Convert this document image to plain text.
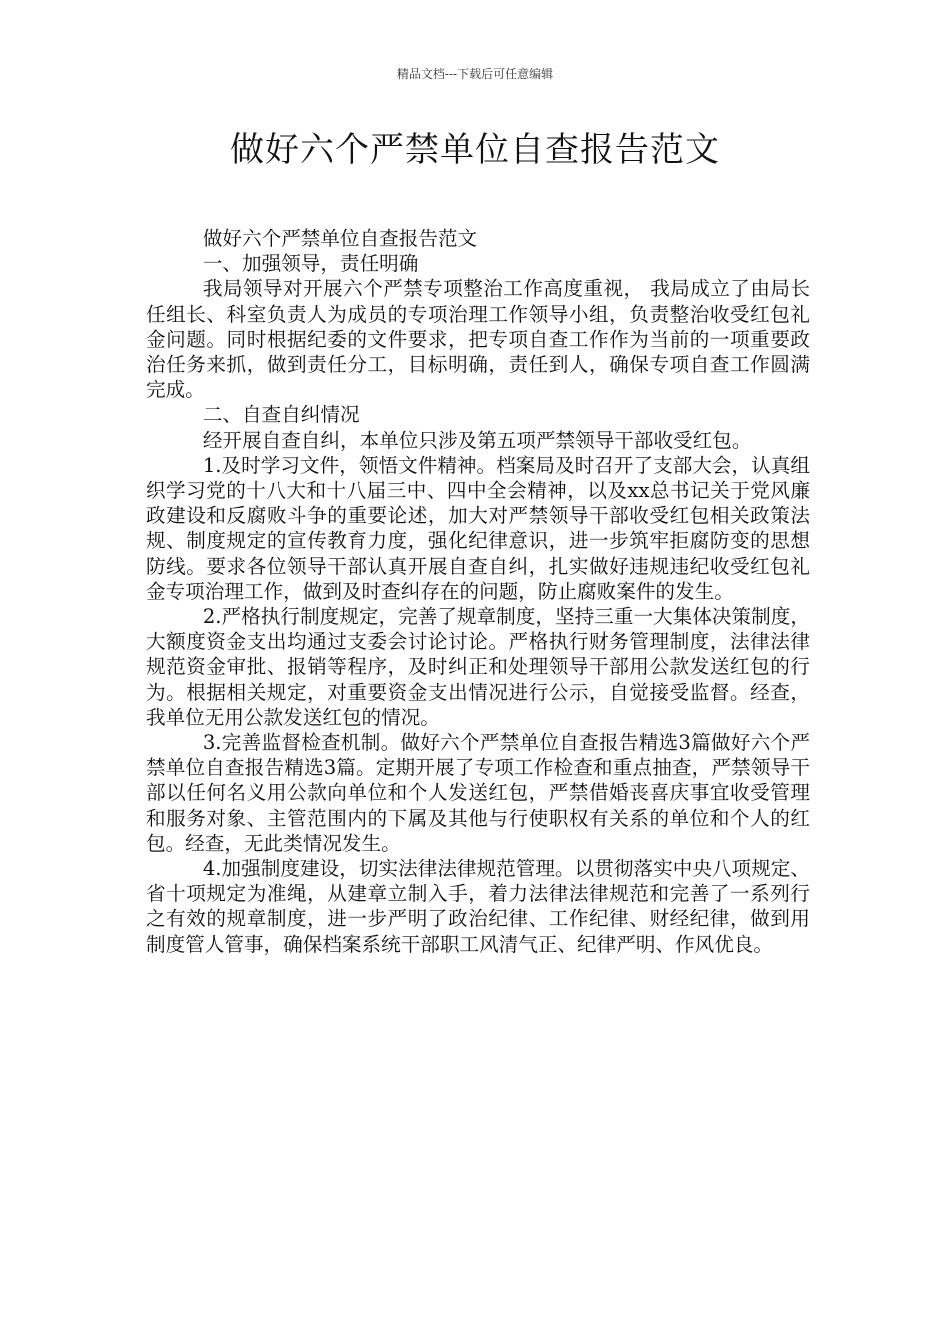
精品文档---下载后可任意编辑
做好六个严禁单位自查报告范文

做好六个严禁单位自查报告范文

一、加强领导，责任明确

我局领导对开展六个严禁专项整治工作高度重视， 我局成立了由局长任组长、科室负责人为成员的专项治理工作领导小组，负责整治收受红包礼金问题。同时根据纪委的文件要求，把专项自查工作作为当前的一项重要政治任务来抓，做到责任分工，目标明确，责任到人，确保专项自查工作圆满完成。

二、自查自纠情况

经开展自查自纠，本单位只涉及第五项严禁领导干部收受红包。

1.及时学习文件，领悟文件精神。档案局及时召开了支部大会，认真组织学习党的十八大和十八届三中、四中全会精神，以及xx总书记关于党风廉政建设和反腐败斗争的重要论述，加大对严禁领导干部收受红包相关政策法规、制度规定的宣传教育力度，强化纪律意识，进一步筑牢拒腐防变的思想防线。要求各位领导干部认真开展自查自纠，扎实做好违规违纪收受红包礼金专项治理工作，做到及时查纠存在的问题，防止腐败案件的发生。

2.严格执行制度规定，完善了规章制度，坚持三重一大集体决策制度，大额度资金支出均通过支委会讨论讨论。严格执行财务管理制度，法律法律规范资金审批、报销等程序，及时纠正和处理领导干部用公款发送红包的行为。根据相关规定，对重要资金支出情况进行公示，自觉接受监督。经查，我单位无用公款发送红包的情况。

3.完善监督检查机制。做好六个严禁单位自查报告精选3篇做好六个严禁单位自查报告精选3篇。定期开展了专项工作检查和重点抽查，严禁领导干部以任何名义用公款向单位和个人发送红包，严禁借婚丧喜庆事宜收受管理和服务对象、主管范围内的下属及其他与行使职权有关系的单位和个人的红包。经查，无此类情况发生。

4.加强制度建设，切实法律法律规范管理。以贯彻落实中央八项规定、省十项规定为准绳，从建章立制入手，着力法律法律规范和完善了一系列行之有效的规章制度，进一步严明了政治纪律、工作纪律、财经纪律，做到用制度管人管事，确保档案系统干部职工风清气正、纪律严明、作风优良。
